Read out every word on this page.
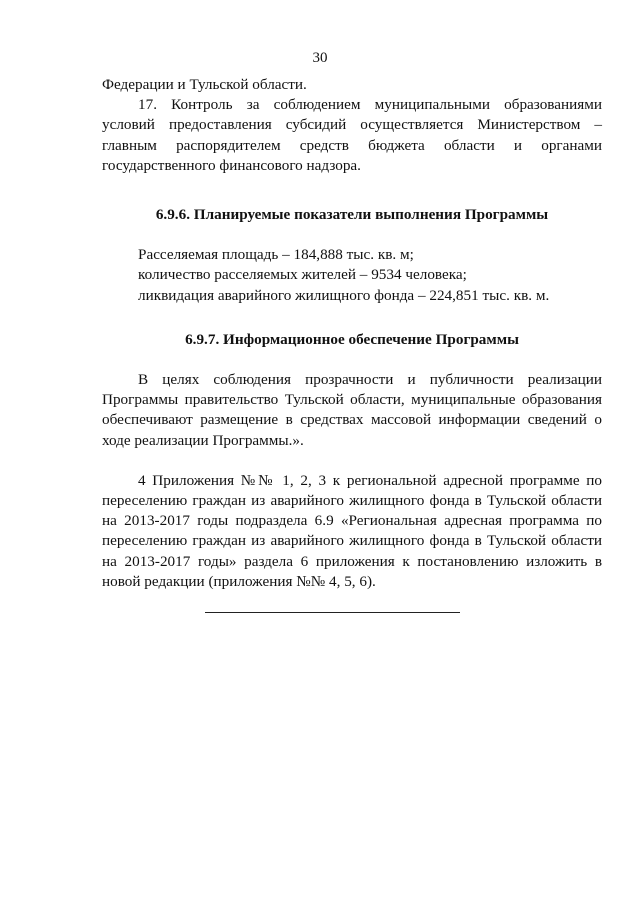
30

Федерации и Тульской области.

17. Контроль за соблюдением муниципальными образованиями условий предоставления субсидий осуществляется Министерством – главным распорядителем средств бюджета области и органами государственного финансового надзора.

6.9.6. Планируемые показатели выполнения Программы

Расселяемая площадь – 184,888 тыс. кв. м;

количество расселяемых жителей – 9534 человека;

ликвидация аварийного жилищного фонда – 224,851 тыс. кв. м.

6.9.7. Информационное обеспечение Программы

В целях соблюдения прозрачности и публичности реализации Программы правительство Тульской области, муниципальные образования обеспечивают размещение в средствах массовой информации сведений о ходе реализации Программы.».

4 Приложения №№ 1, 2, 3 к региональной адресной программе по переселению граждан из аварийного жилищного фонда в Тульской области на 2013-2017 годы подраздела 6.9 «Региональная адресная программа по переселению граждан из аварийного жилищного фонда в Тульской области на 2013-2017 годы» раздела 6 приложения к постановлению изложить в новой редакции (приложения №№ 4, 5, 6).
